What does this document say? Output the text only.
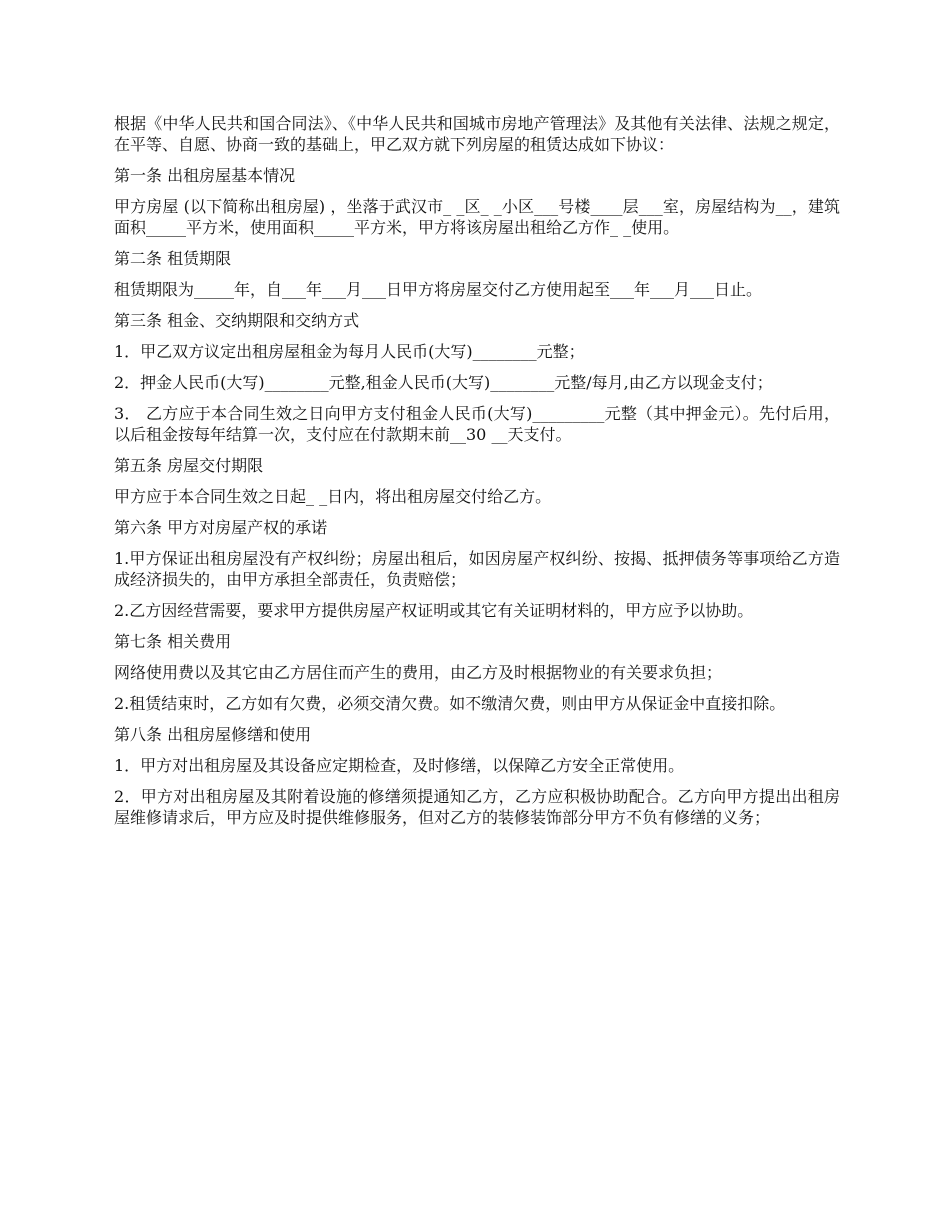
根据《中华人民共和国合同法》、《中华人民共和国城市房地产管理法》及其他有关法律、法规之规定，在平等、自愿、协商一致的基础上，甲乙双方就下列房屋的租赁达成如下协议：

第一条 出租房屋基本情况

甲方房屋 (以下简称出租房屋) ，坐落于武汉市_ _区_ _小区___号楼____层___室，房屋结构为__，建筑面积_____平方米，使用面积_____平方米，甲方将该房屋出租给乙方作_ _使用。

第二条 租赁期限

租赁期限为_____年，自___年___月___日甲方将房屋交付乙方使用起至___年___月___日止。

第三条 租金、交纳期限和交纳方式

1．甲乙双方议定出租房屋租金为每月人民币(大写)________元整；

2．押金人民币(大写)________元整,租金人民币(大写)________元整/每月,由乙方以现金支付；

3． 乙方应于本合同生效之日向甲方支付租金人民币(大写)_________元整（其中押金元）。先付后用，以后租金按每年结算一次，支付应在付款期末前__30 __天支付。

第五条 房屋交付期限

甲方应于本合同生效之日起_ _日内，将出租房屋交付给乙方。

第六条 甲方对房屋产权的承诺

1.甲方保证出租房屋没有产权纠纷；房屋出租后，如因房屋产权纠纷、按揭、抵押债务等事项给乙方造成经济损失的，由甲方承担全部责任，负责赔偿；

2.乙方因经营需要，要求甲方提供房屋产权证明或其它有关证明材料的，甲方应予以协助。

第七条 相关费用

网络使用费以及其它由乙方居住而产生的费用，由乙方及时根据物业的有关要求负担；

2.租赁结束时，乙方如有欠费，必须交清欠费。如不缴清欠费，则由甲方从保证金中直接扣除。

第八条 出租房屋修缮和使用

1．甲方对出租房屋及其设备应定期检查，及时修缮，以保障乙方安全正常使用。

2．甲方对出租房屋及其附着设施的修缮须提通知乙方，乙方应积极协助配合。乙方向甲方提出出租房屋维修请求后，甲方应及时提供维修服务，但对乙方的装修装饰部分甲方不负有修缮的义务；
